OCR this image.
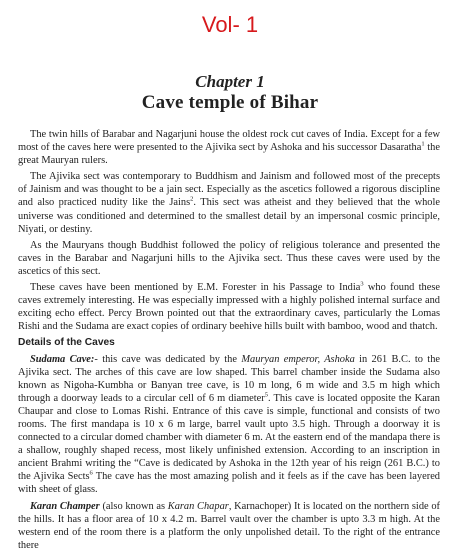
Vol- 1
Chapter 1
Cave temple of Bihar

The twin hills of Barabar and Nagarjuni house the oldest rock cut caves of India. Except for a few most of the caves here were presented to the Ajivika sect by Ashoka and his successor Dasaratha$^1$ the great Mauryan rulers.

The Ajivika sect was contemporary to Buddhism and Jainism and followed most of the precepts of Jainism and was thought to be a jain sect. Especially as the ascetics followed a rigorous discipline and also practiced nudity like the Jains$^2$. This sect was atheist and they believed that the whole universe was conditioned and determined to the smallest detail by an impersonal cosmic principle, Niyati, or destiny.

As the Mauryans though Buddhist followed the policy of religious tolerance and presented the caves in the Barabar and Nagarjuni hills to the Ajivika sect. Thus these caves were used by the ascetics of this sect.

These caves have been mentioned by E.M. Forester in his Passage to India$^3$ who found these caves extremely interesting. He was especially impressed with a highly polished internal surface and exciting echo effect. Percy Brown pointed out that the extraordinary caves, particularly the Lomas Rishi and the Sudama are exact copies of ordinary beehive hills built with bamboo, wood and thatch.

Details of the Caves

Sudama Cave:- this cave was dedicated by the Mauryan emperor, Ashoka in 261 B.C. to the Ajivika sect. The arches of this cave are low shaped. This barrel chamber inside the Sudama also known as Nigoha-Kumbha or Banyan tree cave, is 10 m long, 6 m wide and 3.5 m high which through a doorway leads to a circular cell of 6 m diameter$^5$. This cave is located opposite the Karan Chaupar and close to Lomas Rishi. Entrance of this cave is simple, functional and consists of two rooms. The first mandapa is 10 x 6 m large, barrel vault upto 3.5 high. Through a doorway it is connected to a circular domed chamber with diameter 6 m. At the eastern end of the mandapa there is a shallow, roughly shaped recess, most likely unfinished extension. According to an inscription in ancient Brahmi writing the “Cave is dedicated by Ashoka in the 12th year of his reign (261 B.C.) to the Ajivika Sects$^6$ The cave has the most amazing polish and it feels as if the cave has been layered with sheet of glass.

Karan Champer (also known as Karan Chapar, Karnachoper) It is located on the northern side of the hills. It has a floor area of 10 x 4.2 m. Barrel vault over the chamber is upto 3.3 m high. At the western end of the room there is a platform the only unpolished detail. To the right of the entrance there
